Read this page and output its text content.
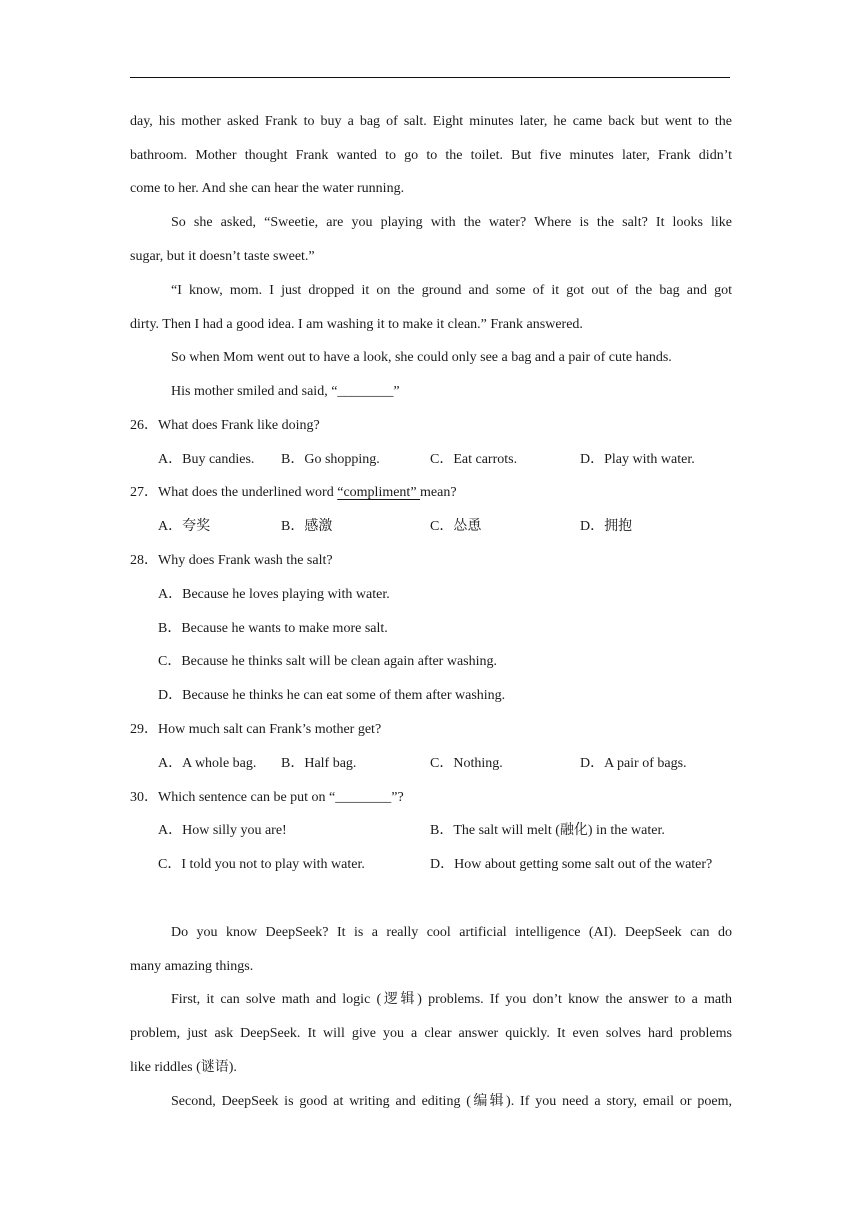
day, his mother asked Frank to buy a bag of salt. Eight minutes later, he came back but went to the
bathroom. Mother thought Frank wanted to go to the toilet. But five minutes later, Frank didn’t
come to her. And she can hear the water running.
So she asked, “Sweetie, are you playing with the water? Where is the salt? It looks like
sugar, but it doesn’t taste sweet.”
“I know, mom. I just dropped it on the ground and some of it got out of the bag and got
dirty. Then I had a good idea. I am washing it to make it clean.” Frank answered.
So when Mom went out to have a look, she could only see a bag and a pair of cute hands.
His mother smiled and said, “________”
26．What does Frank like doing?
A．Buy candies. B．Go shopping.	C．Eat carrots.	D．Play with water.
27．What does the underlined word “compliment” mean?
A．夸奖	B．感激	C．怂恿	D．拥抱
28．Why does Frank wash the salt?
A．Because he loves playing with water.
B．Because he wants to make more salt.
C．Because he thinks salt will be clean again after washing.
D．Because he thinks he can eat some of them after washing.
29．How much salt can Frank’s mother get?
A．A whole bag. B．Half bag.	C．Nothing.	D．A pair of bags.
30．Which sentence can be put on “________”?
A．How silly you are!	B．The salt will melt (融化) in the water.
C．I told you not to play with water.	D．How about getting some salt out of the water?
Do you know DeepSeek? It is a really cool artificial intelligence (AI). DeepSeek can do
many amazing things.
First, it can solve math and logic (逻辑) problems. If you don’t know the answer to a math
problem, just ask DeepSeek. It will give you a clear answer quickly. It even solves hard problems
like riddles (谜语).
Second, DeepSeek is good at writing and editing (编辑). If you need a story, email or poem,
